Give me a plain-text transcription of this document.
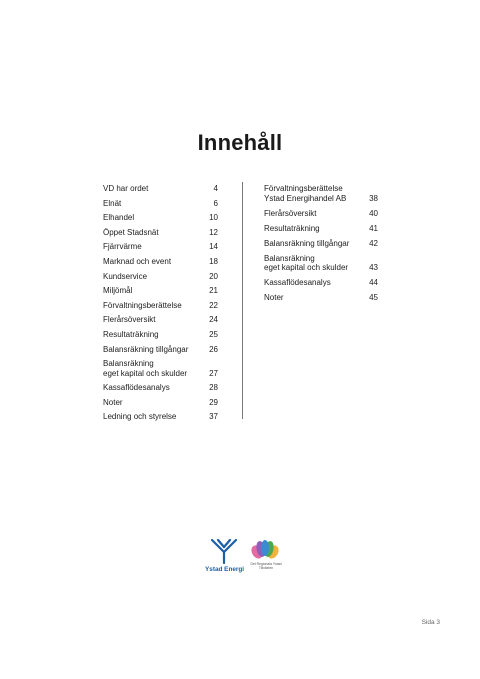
Innehåll
VD har ordet	4
Elnät	6
Elhandel	10
Öppet Stadsnät	12
Fjärrvärme	14
Marknad och event	18
Kundservice	20
Miljömål	21
Förvaltningsberättelse	22
Flerårsöversikt	24
Resultaträkning	25
Balansräkning tillgångar	26
Balansräkning
eget kapital och skulder	27
Kassaflödesanalys	28
Noter	29
Ledning och styrelse	37
Förvaltningsberättelse
Ystad Energihandel AB	38
Flerårsöversikt	40
Resultaträkning	41
Balansräkning tillgångar	42
Balansräkning
eget kapital och skulder	43
Kassaflödesanalys	44
Noter	45
Ystad Energi
Det Regionala Ystad Tillväxten
Sida 3
